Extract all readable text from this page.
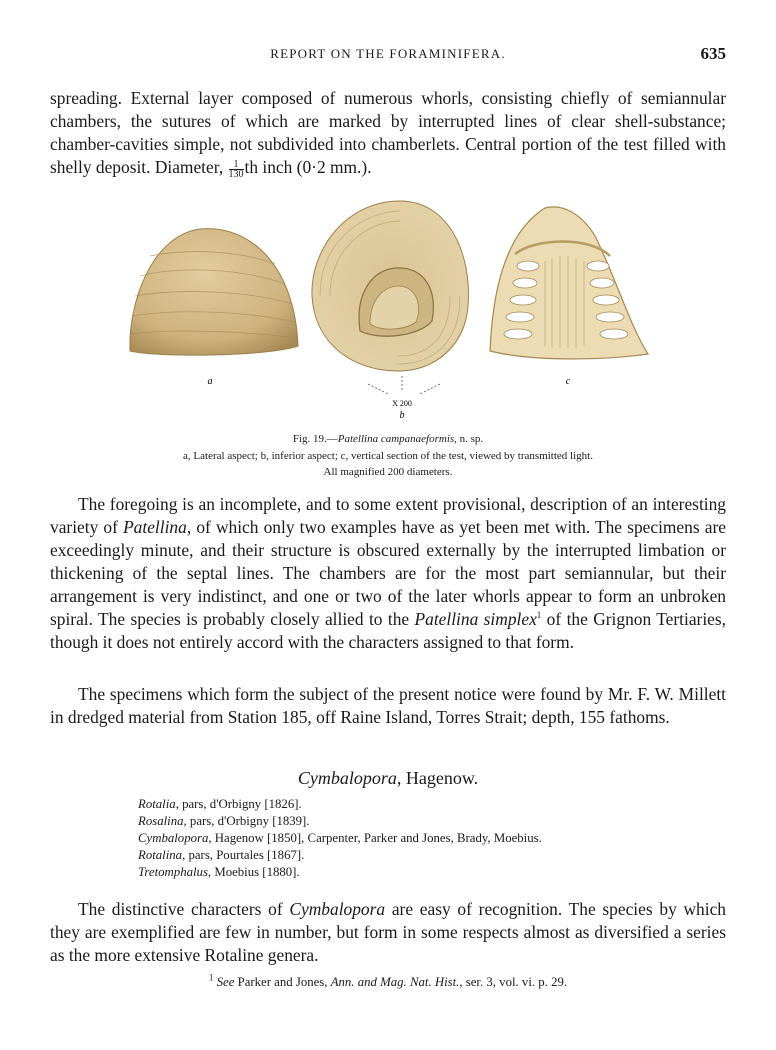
REPORT ON THE FORAMINIFERA.	635

spreading. External layer composed of numerous whorls, consisting chiefly of semiannular chambers, the sutures of which are marked by interrupted lines of clear shell-substance; chamber-cavities simple, not subdivided into chamberlets. Central portion of the test filled with shelly deposit. Diameter, $\frac{1}{130}$ th inch (0·2 mm.).

a
X 200
b
c
Fig. 19.—Patellina campanaeformis, n. sp.
a, Lateral aspect; b, inferior aspect; c, vertical section of the test, viewed by transmitted light.
All magnified 200 diameters.

The foregoing is an incomplete, and to some extent provisional, description of an interesting variety of Patellina, of which only two examples have as yet been met with. The specimens are exceedingly minute, and their structure is obscured externally by the interrupted limbation or thickening of the septal lines. The chambers are for the most part semiannular, but their arrangement is very indistinct, and one or two of the later whorls appear to form an unbroken spiral. The species is probably closely allied to the Patellina simplex$^1$ of the Grignon Tertiaries, though it does not entirely accord with the characters assigned to that form.

The specimens which form the subject of the present notice were found by Mr. F. W. Millett in dredged material from Station 185, off Raine Island, Torres Strait; depth, 155 fathoms.

Cymbalopora, Hagenow.
Rotalia, pars, d'Orbigny [1826].
Rosalina, pars, d'Orbigny [1839].
Cymbalopora, Hagenow [1850], Carpenter, Parker and Jones, Brady, Moebius.
Rotalina, pars, Pourtales [1867].
Tretomphalus, Moebius [1880].

The distinctive characters of Cymbalopora are easy of recognition. The species by which they are exemplified are few in number, but form in some respects almost as diversified a series as the more extensive Rotaline genera.

$^1$ See Parker and Jones, Ann. and Mag. Nat. Hist., ser. 3, vol. vi. p. 29.
